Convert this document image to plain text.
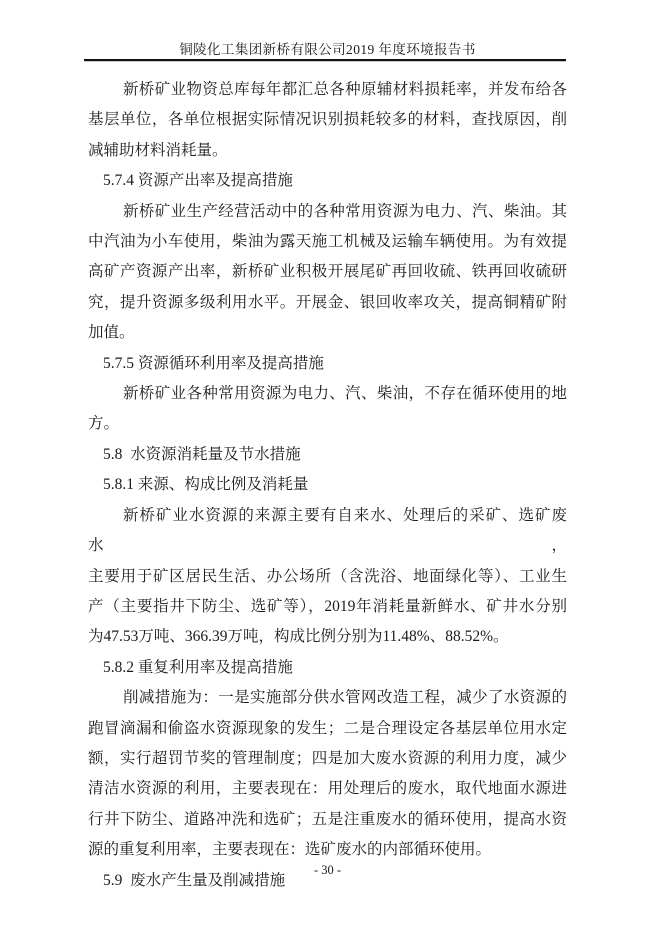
铜陵化工集团新桥有限公司2019 年度环境报告书
新桥矿业物资总库每年都汇总各种原辅材料损耗率，并发布给各
基层单位，各单位根据实际情况识别损耗较多的材料，查找原因，削
减辅助材料消耗量。
5.7.4 资源产出率及提高措施
新桥矿业生产经营活动中的各种常用资源为电力、汽、柴油。其
中汽油为小车使用，柴油为露天施工机械及运输车辆使用。为有效提
高矿产资源产出率，新桥矿业积极开展尾矿再回收硫、铁再回收硫研
究，提升资源多级利用水平。开展金、银回收率攻关，提高铜精矿附
加值。
5.7.5 资源循环利用率及提高措施
新桥矿业各种常用资源为电力、汽、柴油，不存在循环使用的地
方。
5.8  水资源消耗量及节水措施
5.8.1 来源、构成比例及消耗量
新桥矿业水资源的来源主要有自来水、处理后的采矿、选矿废水，
主要用于矿区居民生活、办公场所（含洗浴、地面绿化等）、工业生
产（主要指井下防尘、选矿等），2019年消耗量新鲜水、矿井水分别
为47.53万吨、366.39万吨，构成比例分别为11.48%、88.52%。
5.8.2 重复利用率及提高措施
削减措施为：一是实施部分供水管网改造工程，减少了水资源的
跑冒滴漏和偷盗水资源现象的发生；二是合理设定各基层单位用水定
额，实行超罚节奖的管理制度；四是加大废水资源的利用力度，减少
清洁水资源的利用，主要表现在：用处理后的废水，取代地面水源进
行井下防尘、道路冲洗和选矿；五是注重废水的循环使用，提高水资
源的重复利用率，主要表现在：选矿废水的内部循环使用。
5.9  废水产生量及削减措施
- 30 -
